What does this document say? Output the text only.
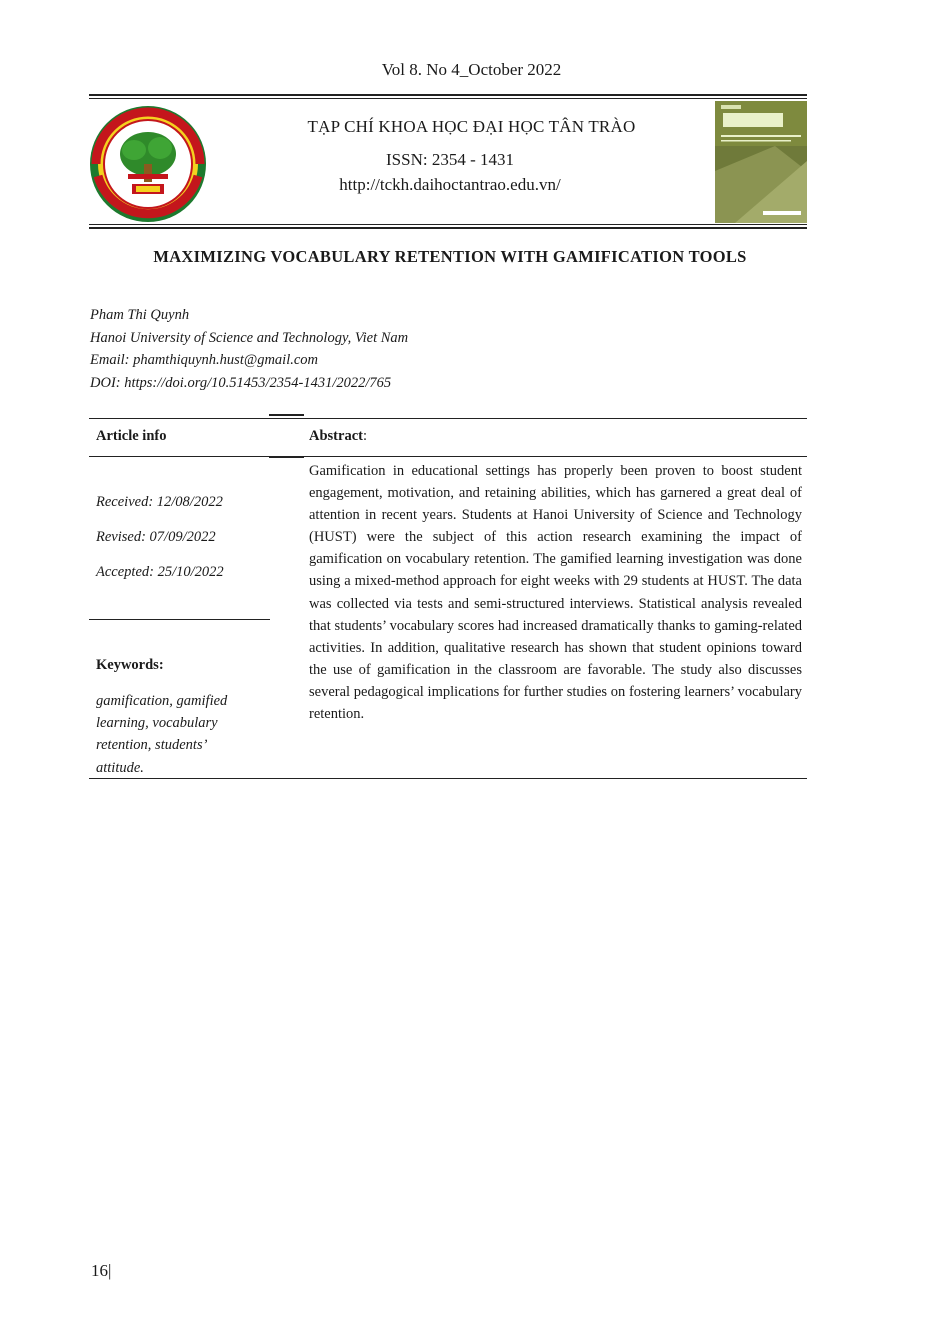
Vol 8. No 4_October 2022
TẠP CHÍ KHOA HỌC ĐẠI HỌC TÂN TRÀO
ISSN: 2354 - 1431
http://tckh.daihoctantrao.edu.vn/
MAXIMIZING VOCABULARY RETENTION WITH GAMIFICATION TOOLS
Pham Thi Quynh
Hanoi University of Science and Technology, Viet Nam
Email: phamthiquynh.hust@gmail.com
DOI: https://doi.org/10.51453/2354-1431/2022/765
Article info
Received: 12/08/2022
Revised: 07/09/2022
Accepted: 25/10/2022
Keywords:
gamification, gamified learning, vocabulary retention, students’ attitude.
Abstract:
Gamification in educational settings has properly been proven to boost student engagement, motivation, and retaining abilities, which has garnered a great deal of attention in recent years. Students at Hanoi University of Science and Technology (HUST) were the subject of this action research examining the impact of gamification on vocabulary retention. The gamified learning investigation was done using a mixed-method approach for eight weeks with 29 students at HUST. The data was collected via tests and semi-structured interviews. Statistical analysis revealed that students’ vocabulary scores had increased dramatically thanks to gaming-related activities. In addition, qualitative research has shown that student opinions toward the use of gamification in the classroom are favorable. The study also discusses several pedagogical implications for further studies on fostering learners’ vocabulary retention.
16|
